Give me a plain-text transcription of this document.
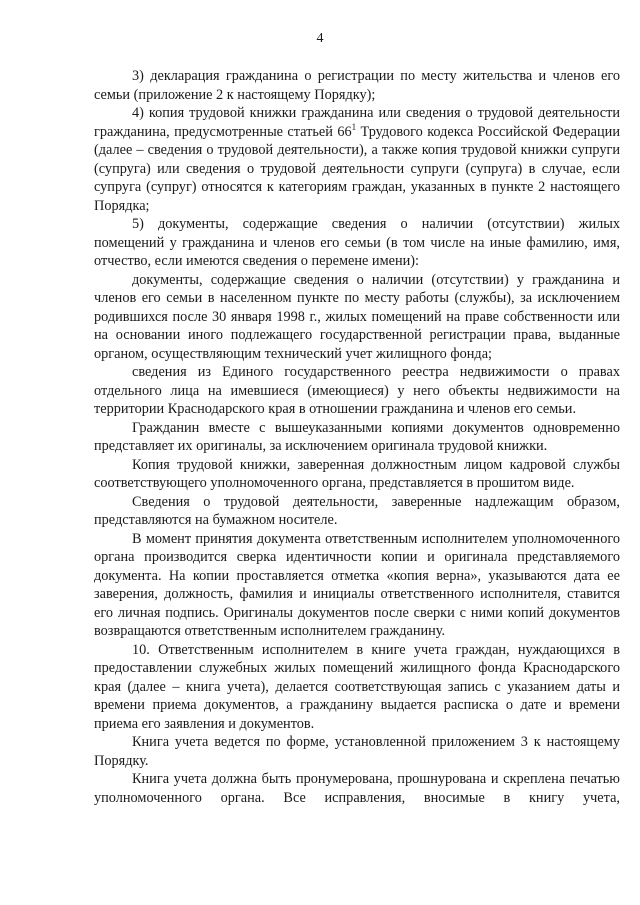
4

3) декларация гражданина о регистрации по месту жительства и членов его семьи (приложение 2 к настоящему Порядку);

4) копия трудовой книжки гражданина или сведения о трудовой деятельности гражданина, предусмотренные статьей $66^1$ Трудового кодекса Российской Федерации (далее – сведения о трудовой деятельности), а также копия трудовой книжки супруги (супруга) или сведения о трудовой деятельности супруги (супруга) в случае, если супруга (супруг) относятся к категориям граждан, указанных в пункте 2 настоящего Порядка;

5) документы, содержащие сведения о наличии (отсутствии) жилых помещений у гражданина и членов его семьи (в том числе на иные фамилию, имя, отчество, если имеются сведения о перемене имени):

документы, содержащие сведения о наличии (отсутствии) у гражданина и членов его семьи в населенном пункте по месту работы (службы), за исключением родившихся после 30 января 1998 г., жилых помещений на праве собственности или на основании иного подлежащего государственной регистрации права, выданные органом, осуществляющим технический учет жилищного фонда;

сведения из Единого государственного реестра недвижимости о правах отдельного лица на имевшиеся (имеющиеся) у него объекты недвижимости на территории Краснодарского края в отношении гражданина и членов его семьи.

Гражданин вместе с вышеуказанными копиями документов одновременно представляет их оригиналы, за исключением оригинала трудовой книжки.

Копия трудовой книжки, заверенная должностным лицом кадровой службы соответствующего уполномоченного органа, представляется в прошитом виде.

Сведения о трудовой деятельности, заверенные надлежащим образом, представляются на бумажном носителе.

В момент принятия документа ответственным исполнителем уполномоченного органа производится сверка идентичности копии и оригинала представляемого документа. На копии проставляется отметка «копия верна», указываются дата ее заверения, должность, фамилия и инициалы ответственного исполнителя, ставится его личная подпись. Оригиналы документов после сверки с ними копий документов возвращаются ответственным исполнителем гражданину.

10. Ответственным исполнителем в книге учета граждан, нуждающихся в предоставлении служебных жилых помещений жилищного фонда Краснодарского края (далее – книга учета), делается соответствующая запись с указанием даты и времени приема документов, а гражданину выдается расписка о дате и времени приема его заявления и документов.

Книга учета ведется по форме, установленной приложением 3 к настоящему Порядку.

Книга учета должна быть пронумерована, прошнурована и скреплена печатью уполномоченного органа. Все исправления, вносимые в книгу учета,
